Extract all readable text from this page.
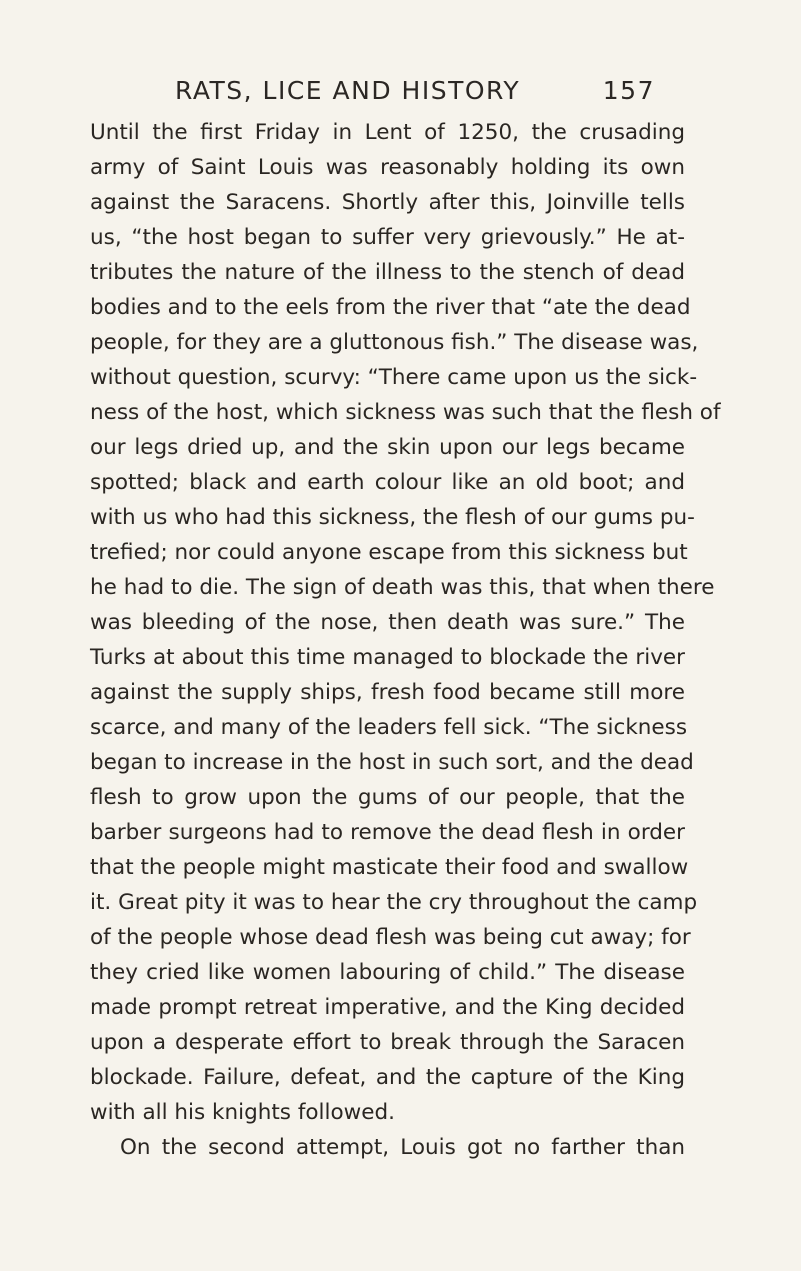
RATS, LICE AND HISTORY	157
Until the first Friday in Lent of 1250, the crusading
army of Saint Louis was reasonably holding its own
against the Saracens. Shortly after this, Joinville tells
us, “the host began to suffer very grievously.” He at-
tributes the nature of the illness to the stench of dead
bodies and to the eels from the river that “ate the dead
people, for they are a gluttonous fish.” The disease was,
without question, scurvy: “There came upon us the sick-
ness of the host, which sickness was such that the flesh of
our legs dried up, and the skin upon our legs became
spotted; black and earth colour like an old boot; and
with us who had this sickness, the flesh of our gums pu-
trefied; nor could anyone escape from this sickness but
he had to die. The sign of death was this, that when there
was bleeding of the nose, then death was sure.” The
Turks at about this time managed to blockade the river
against the supply ships, fresh food became still more
scarce, and many of the leaders fell sick. “The sickness
began to increase in the host in such sort, and the dead
flesh to grow upon the gums of our people, that the
barber surgeons had to remove the dead flesh in order
that the people might masticate their food and swallow
it. Great pity it was to hear the cry throughout the camp
of the people whose dead flesh was being cut away; for
they cried like women labouring of child.” The disease
made prompt retreat imperative, and the King decided
upon a desperate effort to break through the Saracen
blockade. Failure, defeat, and the capture of the King
with all his knights followed.
On the second attempt, Louis got no farther than
